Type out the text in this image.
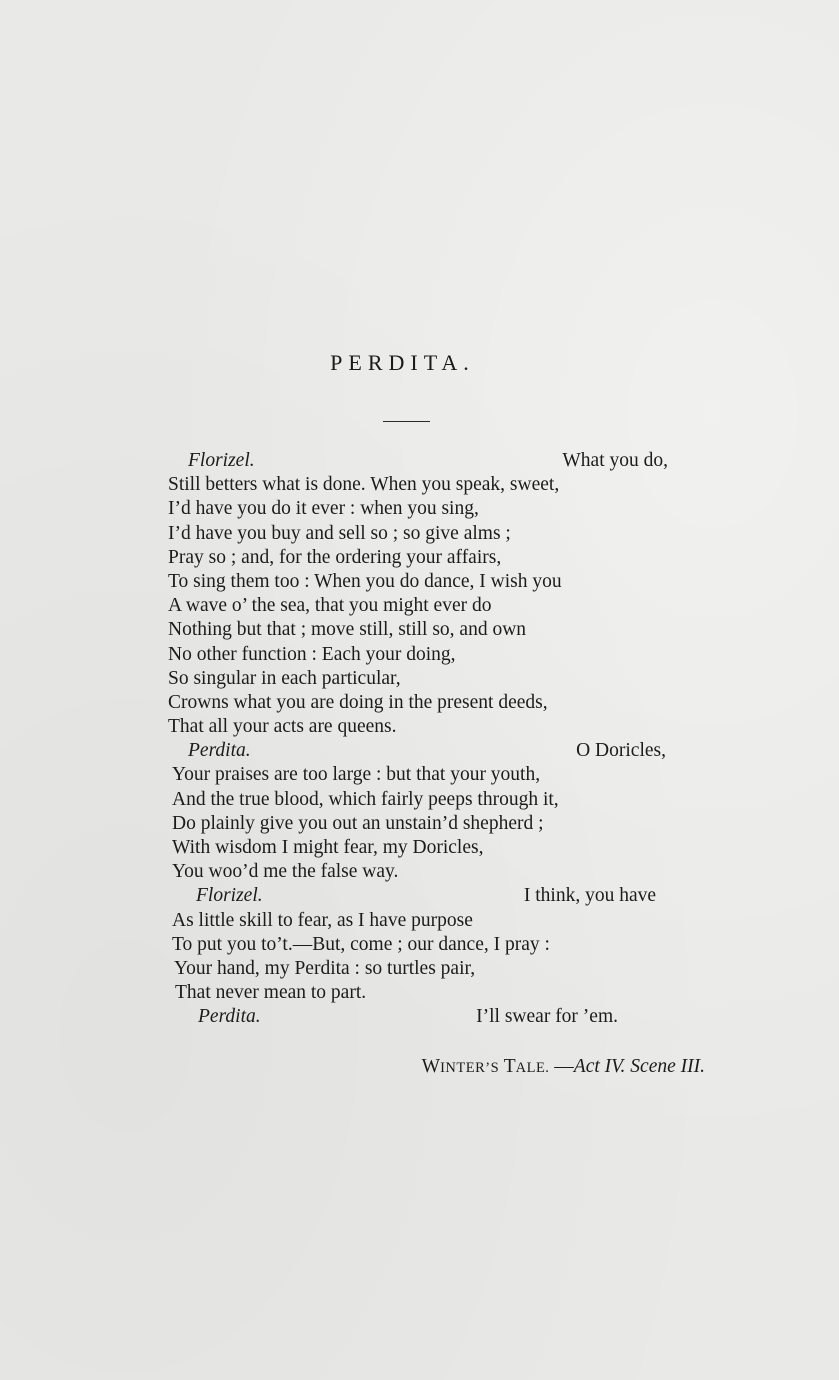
PERDITA.
Florizel.	What you do,
Still betters what is done. When you speak, sweet,
I’d have you do it ever : when you sing,
I’d have you buy and sell so ; so give alms ;
Pray so ; and, for the ordering your affairs,
To sing them too : When you do dance, I wish you
A wave o’ the sea, that you might ever do
Nothing but that ; move still, still so, and own
No other function : Each your doing,
So singular in each particular,
Crowns what you are doing in the present deeds,
That all your acts are queens.
Perdita.	O Doricles,
Your praises are too large : but that your youth,
And the true blood, which fairly peeps through it,
Do plainly give you out an unstain’d shepherd ;
With wisdom I might fear, my Doricles,
You woo’d me the false way.
Florizel.	I think, you have
As little skill to fear, as I have purpose
To put you to’t.—But, come ; our dance, I pray :
Your hand, my Perdita : so turtles pair,
That never mean to part.
Perdita.	I’ll swear for ’em.
WINTER’S TALE. —Act IV. Scene III.
